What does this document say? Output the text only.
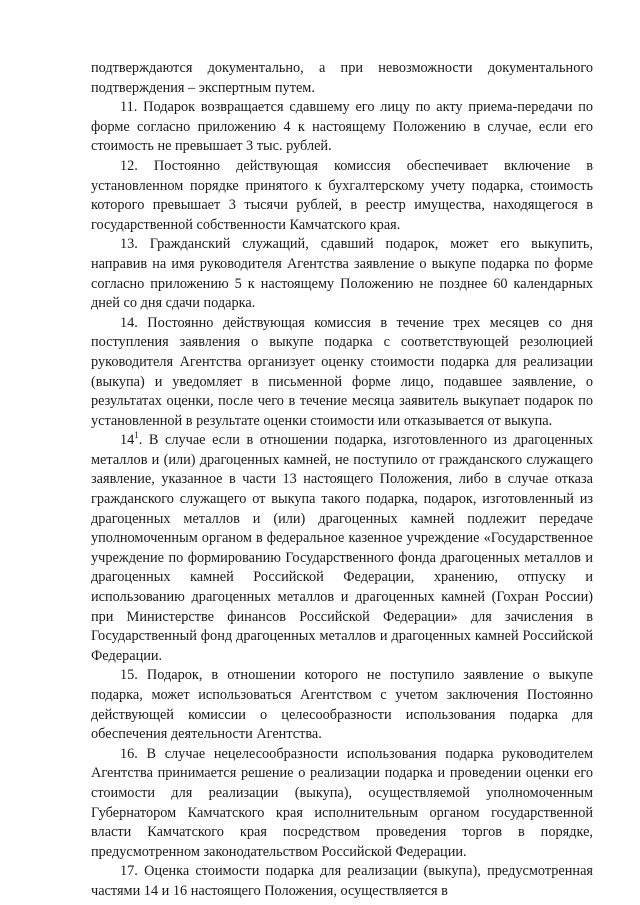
подтверждаются документально, а при невозможности документального подтверждения – экспертным путем.

11. Подарок возвращается сдавшему его лицу по акту приема-передачи по форме согласно приложению 4 к настоящему Положению в случае, если его стоимость не превышает 3 тыс. рублей.

12. Постоянно действующая комиссия обеспечивает включение в установленном порядке принятого к бухгалтерскому учету подарка, стоимость которого превышает 3 тысячи рублей, в реестр имущества, находящегося в государственной собственности Камчатского края.

13. Гражданский служащий, сдавший подарок, может его выкупить, направив на имя руководителя Агентства заявление о выкупе подарка по форме согласно приложению 5 к настоящему Положению не позднее 60 календарных дней со дня сдачи подарка.

14. Постоянно действующая комиссия в течение трех месяцев со дня поступления заявления о выкупе подарка с соответствующей резолюцией руководителя Агентства организует оценку стоимости подарка для реализации (выкупа) и уведомляет в письменной форме лицо, подавшее заявление, о результатах оценки, после чего в течение месяца заявитель выкупает подарок по установленной в результате оценки стоимости или отказывается от выкупа.

$14^1$. В случае если в отношении подарка, изготовленного из драгоценных металлов и (или) драгоценных камней, не поступило от гражданского служащего заявление, указанное в части 13 настоящего Положения, либо в случае отказа гражданского служащего от выкупа такого подарка, подарок, изготовленный из драгоценных металлов и (или) драгоценных камней подлежит передаче уполномоченным органом в федеральное казенное учреждение «Государственное учреждение по формированию Государственного фонда драгоценных металлов и драгоценных камней Российской Федерации, хранению, отпуску и использованию драгоценных металлов и драгоценных камней (Гохран России) при Министерстве финансов Российской Федерации» для зачисления в Государственный фонд драгоценных металлов и драгоценных камней Российской Федерации.

15. Подарок, в отношении которого не поступило заявление о выкупе подарка, может использоваться Агентством с учетом заключения Постоянно действующей комиссии о целесообразности использования подарка для обеспечения деятельности Агентства.

16. В случае нецелесообразности использования подарка руководителем Агентства принимается решение о реализации подарка и проведении оценки его стоимости для реализации (выкупа), осуществляемой уполномоченным Губернатором Камчатского края исполнительным органом государственной власти Камчатского края посредством проведения торгов в порядке, предусмотренном законодательством Российской Федерации.

17. Оценка стоимости подарка для реализации (выкупа), предусмотренная частями 14 и 16 настоящего Положения, осуществляется в
